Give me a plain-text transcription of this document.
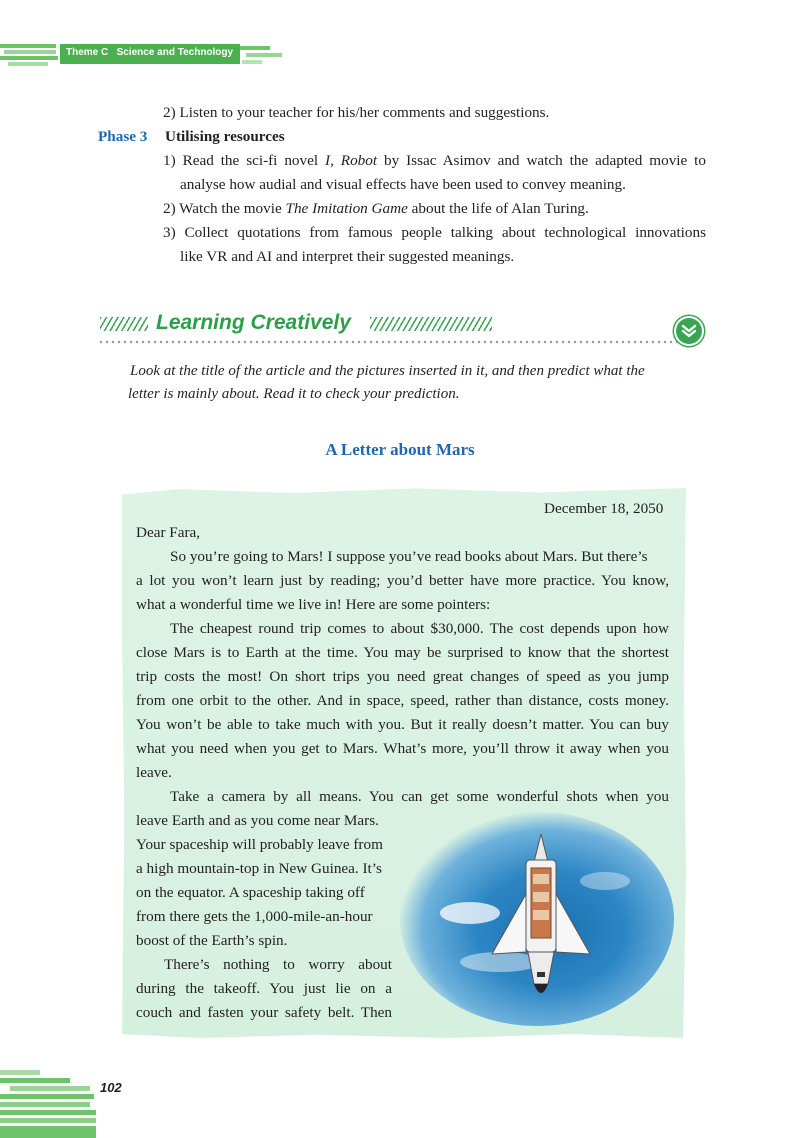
Theme C Science and Technology
2) Listen to your teacher for his/her comments and suggestions.
Phase 3 Utilising resources
1) Read the sci-fi novel I, Robot by Issac Asimov and watch the adapted movie to
analyse how audial and visual effects have been used to convey meaning.
2) Watch the movie The Imitation Game about the life of Alan Turing.
3) Collect quotations from famous people talking about technological innovations
like VR and AI and interpret their suggested meanings.
Learning Creatively
Look at the title of the article and the pictures inserted in it, and then predict what the
letter is mainly about. Read it to check your prediction.
A Letter about Mars
December 18, 2050
Dear Fara,
So you’re going to Mars! I suppose you’ve read books about Mars. But there’s
a lot you won’t learn just by reading; you’d better have more practice. You know,
what a wonderful time we live in! Here are some pointers:
The cheapest round trip comes to about $30,000. The cost depends upon how
close Mars is to Earth at the time. You may be surprised to know that the shortest
trip costs the most! On short trips you need great changes of speed as you jump
from one orbit to the other. And in space, speed, rather than distance, costs money.
You won’t be able to take much with you. But it really doesn’t matter. You can buy
what you need when you get to Mars. What’s more, you’ll throw it away when you
leave.
Take a camera by all means. You can get some wonderful shots when you
leave Earth and as you come near Mars.
Your spaceship will probably leave from
a high mountain-top in New Guinea. It’s
on the equator. A spaceship taking off
from there gets the 1,000-mile-an-hour
boost of the Earth’s spin.
There’s nothing to worry about
during the takeoff. You just lie on a
couch and fasten your safety belt. Then
102
